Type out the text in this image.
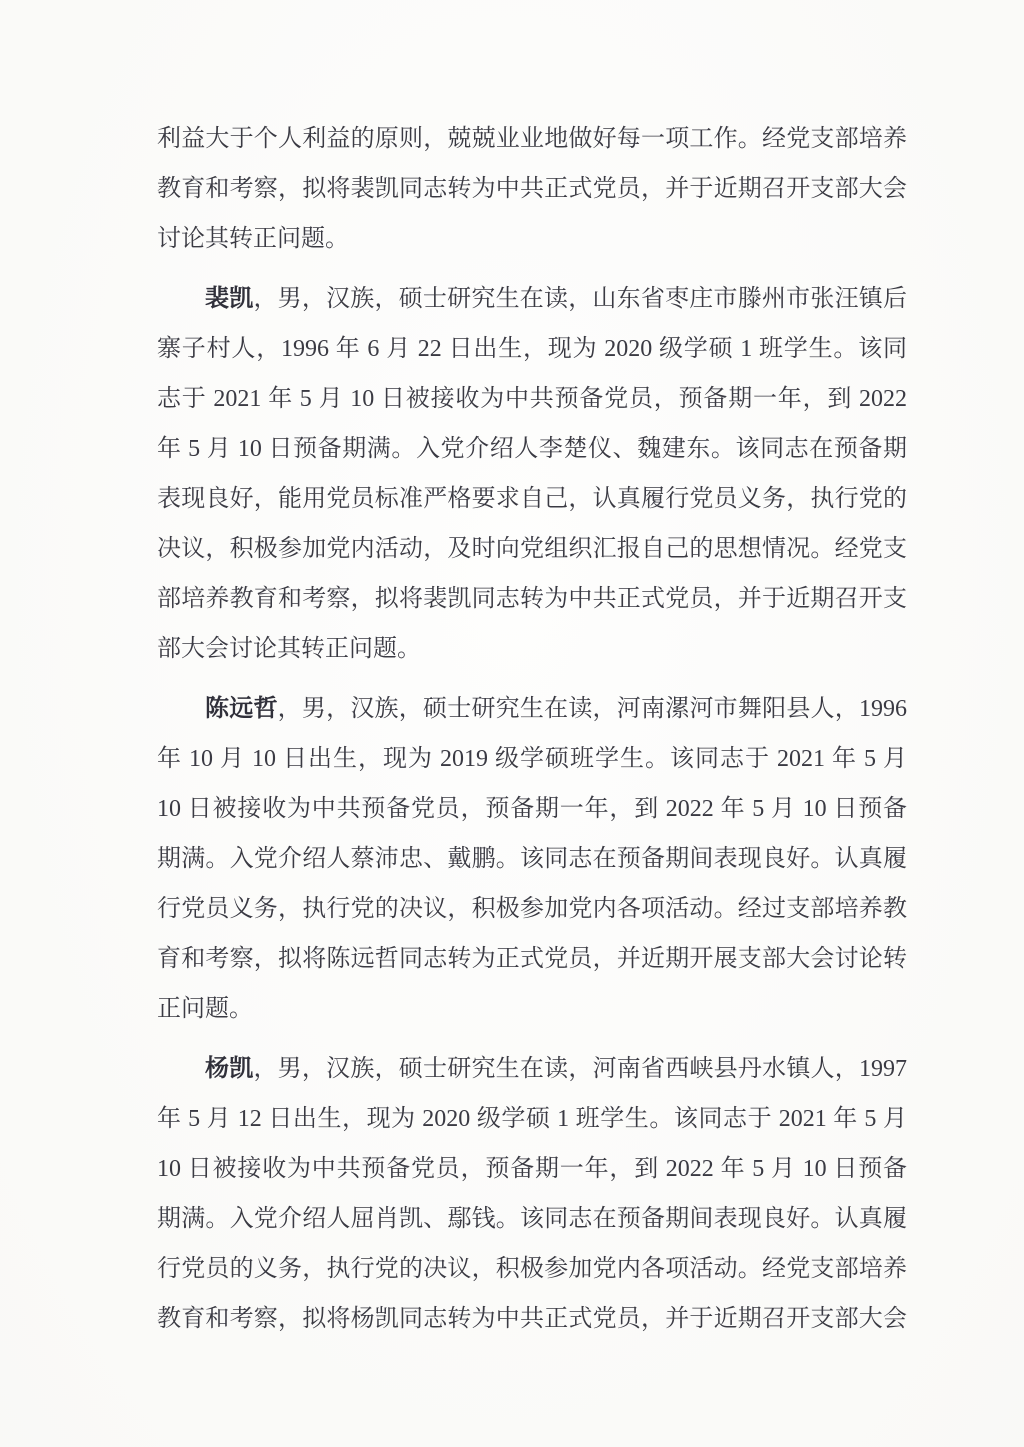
利益大于个人利益的原则，兢兢业业地做好每一项工作。经党支部培养
教育和考察，拟将裴凯同志转为中共正式党员，并于近期召开支部大会
讨论其转正问题。
裴凯，男，汉族，硕士研究生在读，山东省枣庄市滕州市张汪镇后
寨子村人，1996 年 6 月 22 日出生，现为 2020 级学硕 1 班学生。该同
志于 2021 年 5 月 10 日被接收为中共预备党员，预备期一年，到 2022
年 5 月 10 日预备期满。入党介绍人李楚仪、魏建东。该同志在预备期
表现良好，能用党员标准严格要求自己，认真履行党员义务，执行党的
决议，积极参加党内活动，及时向党组织汇报自己的思想情况。经党支
部培养教育和考察，拟将裴凯同志转为中共正式党员，并于近期召开支
部大会讨论其转正问题。
陈远哲，男，汉族，硕士研究生在读，河南漯河市舞阳县人，1996
年 10 月 10 日出生，现为 2019 级学硕班学生。该同志于 2021 年 5 月
10 日被接收为中共预备党员，预备期一年，到 2022 年 5 月 10 日预备
期满。入党介绍人蔡沛忠、戴鹏。该同志在预备期间表现良好。认真履
行党员义务，执行党的决议，积极参加党内各项活动。经过支部培养教
育和考察，拟将陈远哲同志转为正式党员，并近期开展支部大会讨论转
正问题。
杨凯，男，汉族，硕士研究生在读，河南省西峡县丹水镇人，1997
年 5 月 12 日出生，现为 2020 级学硕 1 班学生。该同志于 2021 年 5 月
10 日被接收为中共预备党员，预备期一年，到 2022 年 5 月 10 日预备
期满。入党介绍人屈肖凯、鄢钱。该同志在预备期间表现良好。认真履
行党员的义务，执行党的决议，积极参加党内各项活动。经党支部培养
教育和考察，拟将杨凯同志转为中共正式党员，并于近期召开支部大会
